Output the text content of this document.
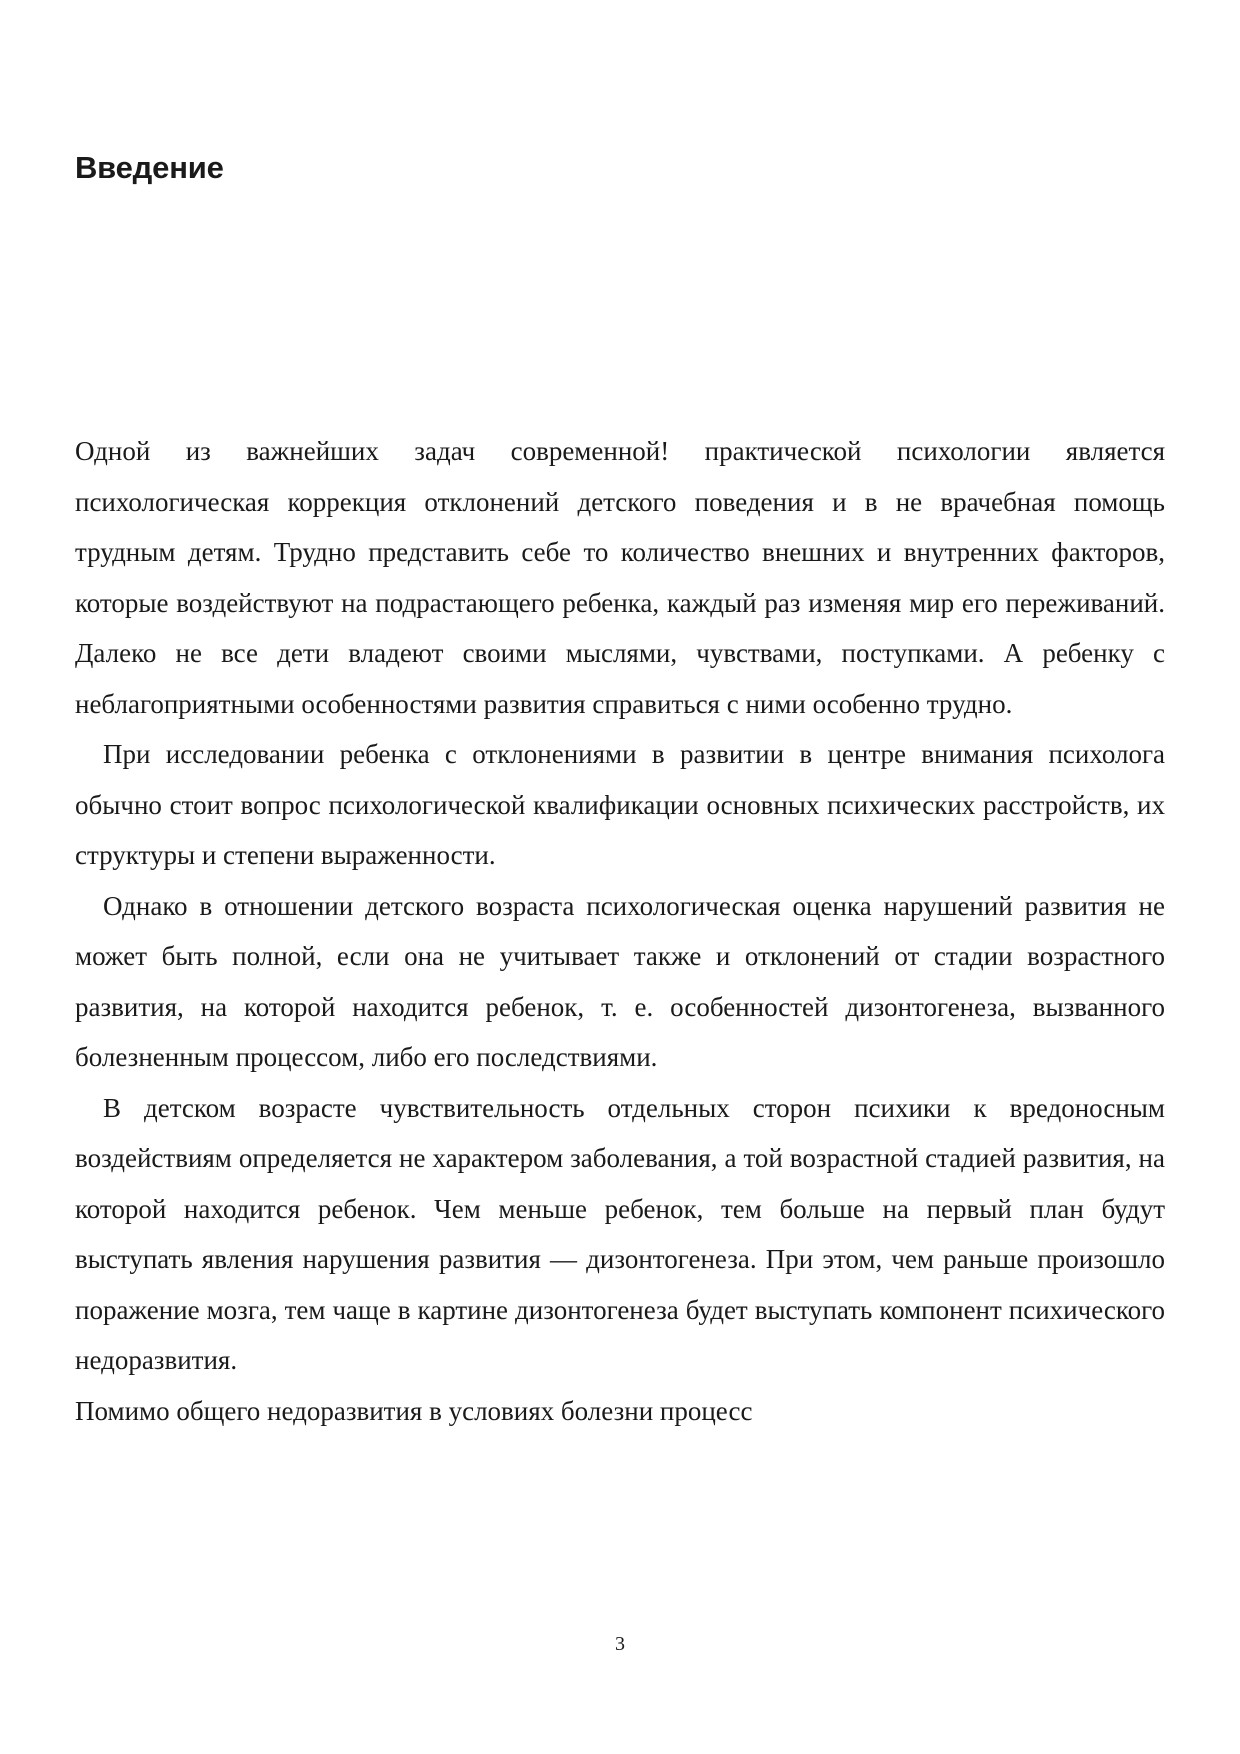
Введение

Одной из важнейших задач современной! практической психологии является психологическая коррекция отклонений детского поведения и в не врачебная помощь трудным детям. Трудно представить себе то количество внешних и внутренних факторов, которые воздействуют на подрастающего ребенка, каждый раз изменяя мир его переживаний. Далеко не все дети владеют своими мыслями, чувствами, поступками. А ребенку с неблагоприятными особенностями развития справиться с ними особенно трудно.

При исследовании ребенка с отклонениями в развитии в центре внимания психолога обычно стоит вопрос психологической квалификации основных психических расстройств, их структуры и степени выраженности.

Однако в отношении детского возраста психологическая оценка нарушений развития не может быть полной, если она не учитывает также и отклонений от стадии возрастного развития, на которой находится ребенок, т. е. особенностей дизонтогенеза, вызванного болезненным процессом, либо его последствиями.

В детском возрасте чувствительность отдельных сторон психики к вредоносным воздействиям определяется не характером заболевания, а той возрастной стадией развития, на которой находится ребенок. Чем меньше ребенок, тем больше на первый план будут выступать явления нарушения развития — дизонтогенеза. При этом, чем раньше произошло поражение мозга, тем чаще в картине дизонтогенеза будет выступать компонент психического недоразвития.

Помимо общего недоразвития в условиях болезни процесс

3
